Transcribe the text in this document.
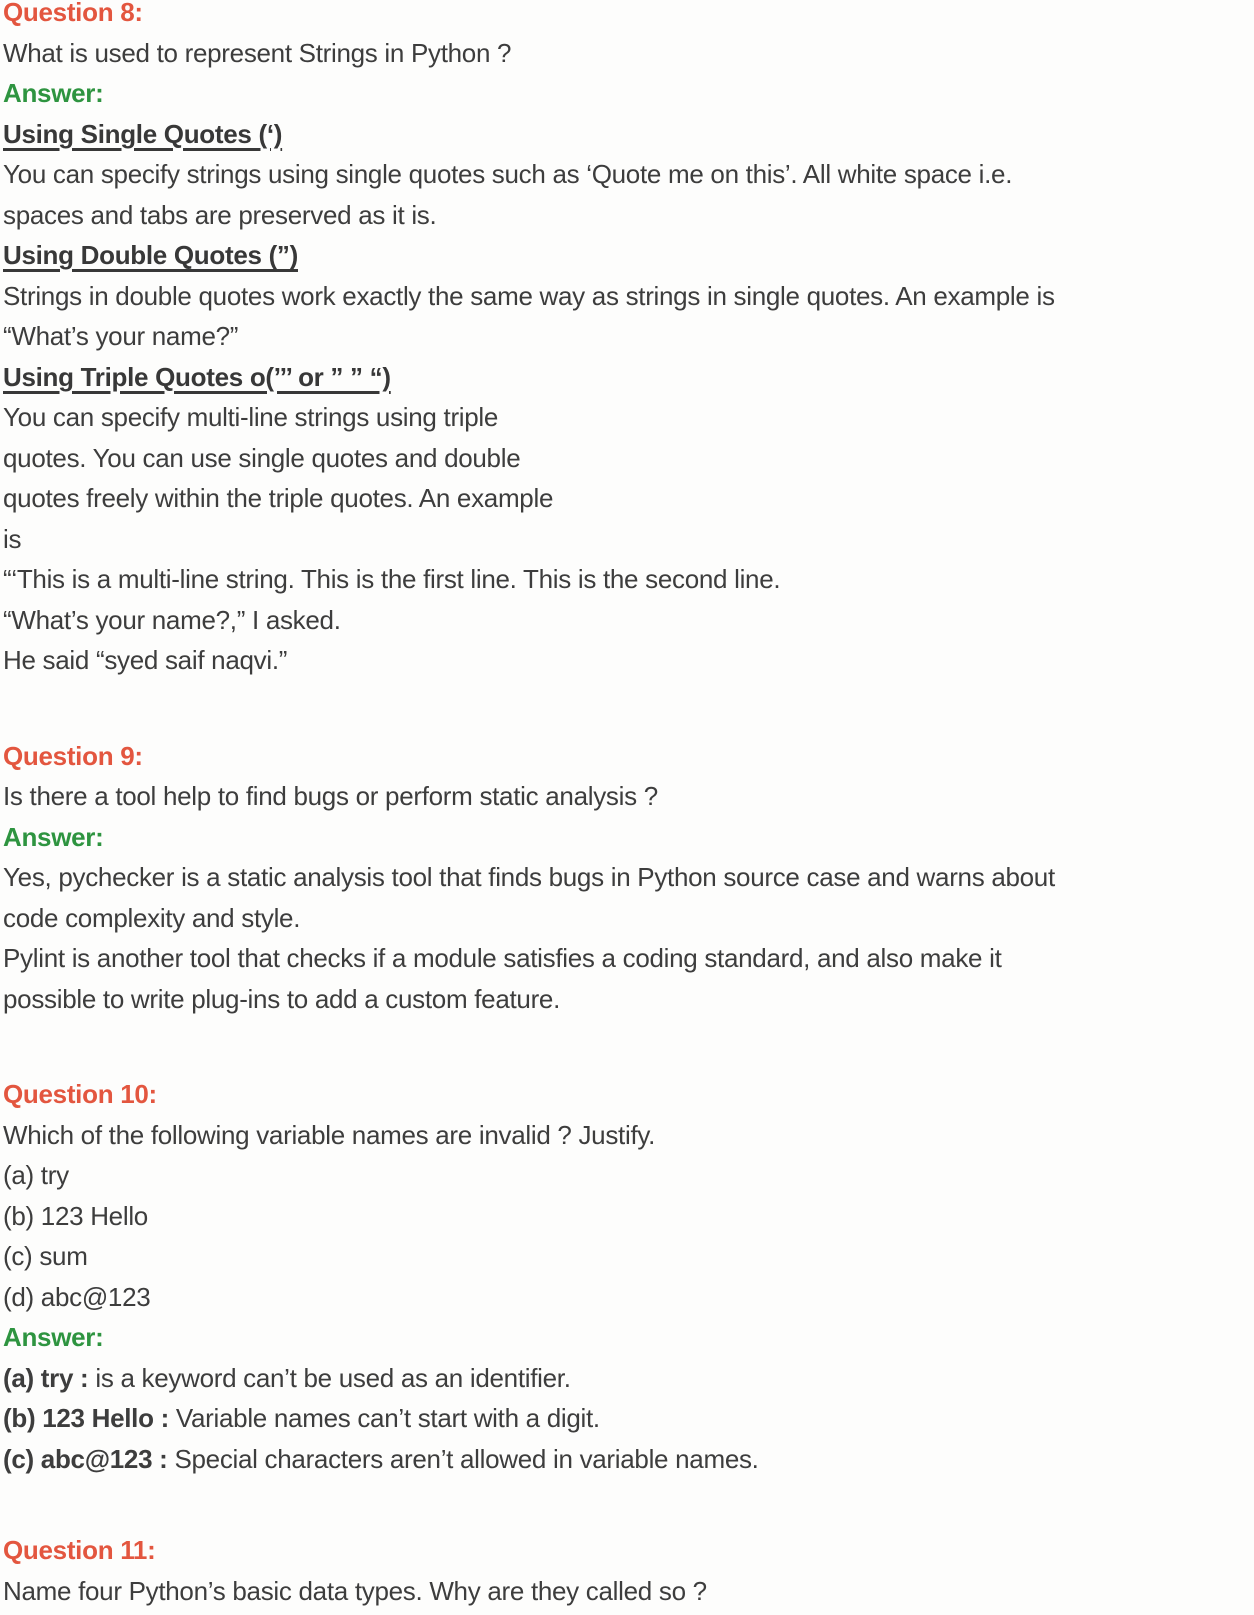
Question 8:
What is used to represent Strings in Python ?
Answer:
Using Single Quotes (‘)
You can specify strings using single quotes such as ‘Quote me on this’. All white space i.e.
spaces and tabs are preserved as it is.
Using Double Quotes (”)
Strings in double quotes work exactly the same way as strings in single quotes. An example is
“What’s your name?”
Using Triple Quotes o(’’’ or ” ” “)
You can specify multi-line strings using triple
quotes. You can use single quotes and double
quotes freely within the triple quotes. An example
is
“‘This is a multi-line string. This is the first line. This is the second line.
“What’s your name?,” I asked.
He said “syed saif naqvi.”
Question 9:
Is there a tool help to find bugs or perform static analysis ?
Answer:
Yes, pychecker is a static analysis tool that finds bugs in Python source case and warns about
code complexity and style.
Pylint is another tool that checks if a module satisfies a coding standard, and also make it
possible to write plug-ins to add a custom feature.
Question 10:
Which of the following variable names are invalid ? Justify.
(a) try
(b) 123 Hello
(c) sum
(d) abc@123
Answer:
(a) try : is a keyword can’t be used as an identifier.
(b) 123 Hello : Variable names can’t start with a digit.
(c) abc@123 : Special characters aren’t allowed in variable names.
Question 11:
Name four Python’s basic data types. Why are they called so ?
